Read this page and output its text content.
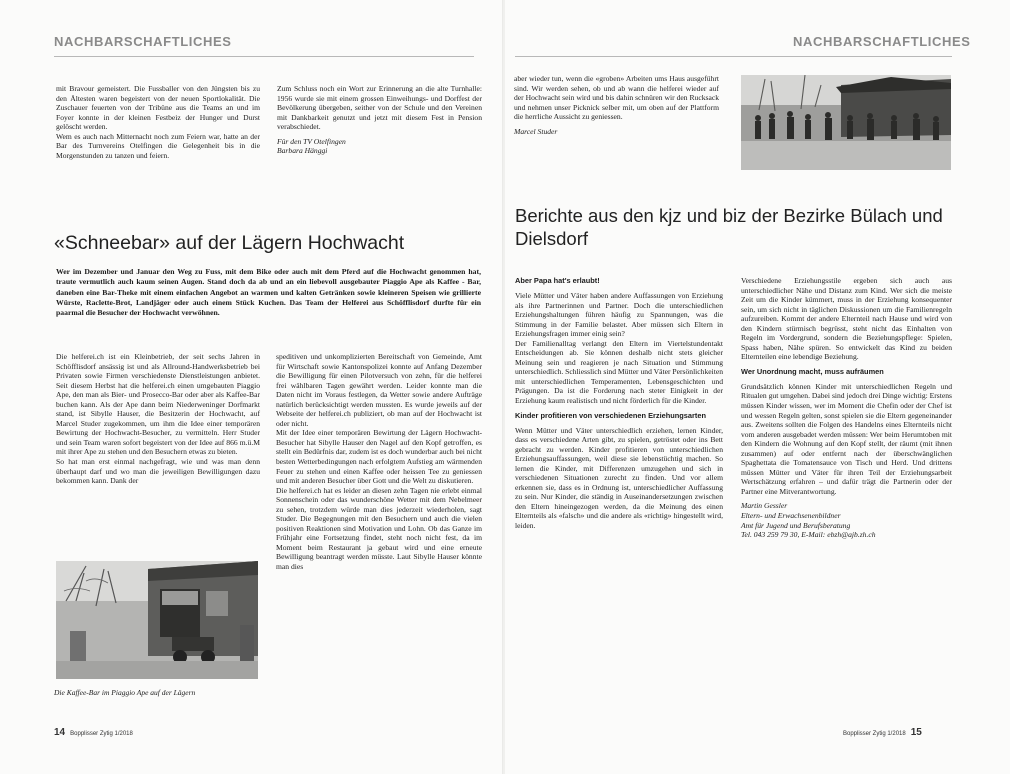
NACHBARSCHAFTLICHES

mit Bravour gemeistert. Die Fussballer von den Jüngsten bis zu den Ältesten waren begeistert von der neuen Sportlokalität. Die Zuschauer feuerten von der Tribüne aus die Teams an und im Foyer konnte in der kleinen Festbeiz der Hunger und Durst gelöscht werden.

Wem es auch nach Mitternacht noch zum Feiern war, hatte an der Bar des Turnvereins Otelfingen die Gelegenheit bis in die Morgenstunden zu tanzen und feiern.

Zum Schluss noch ein Wort zur Erinnerung an die alte Turnhalle: 1956 wurde sie mit einem grossen Einweihungs- und Dorffest der Bevölkerung übergeben, seither von der Schule und den Vereinen mit Dankbarkeit genutzt und jetzt mit diesem Fest in Pension verabschiedet.

Für den TV Otelfingen

Barbara Hänggi

«Schneebar» auf der Lägern Hochwacht
Wer im Dezember und Januar den Weg zu Fuss, mit dem Bike oder auch mit dem Pferd auf die Hochwacht genommen hat, traute vermutlich auch kaum seinen Augen. Stand doch da ab und an ein liebevoll ausgebauter Piaggio Ape als Kaffee - Bar, daneben eine Bar-Theke mit einem einfachen Angebot an warmen und kalten Getränken sowie kleineren Speisen wie grillierte Würste, Raclette-Brot, Landjäger oder auch einem Stück Kuchen. Das Team der Helferei aus Schöfflisdorf durfte für ein paarmal die Besucher der Hochwacht verwöhnen.

Die helferei.ch ist ein Kleinbetrieb, der seit sechs Jahren in Schöfflisdorf ansässig ist und als Allround-Handwerksbetrieb bei Privaten sowie Firmen verschiedenste Dienstleistungen anbietet. Seit diesem Herbst hat die helferei.ch einen umgebauten Piaggio Ape, den man als Bier- und Prosecco-Bar oder aber als Kaffee-Bar buchen kann. Als der Ape dann beim Niederweninger Dorfmarkt stand, ist Sibylle Hauser, die Besitzerin der Hochwacht, auf Marcel Studer zugekommen, um ihm die Idee einer temporären Bewirtung der Hochwacht-Besucher, zu vermitteln. Herr Studer und sein Team waren sofort begeistert von der Idee auf 866 m.ü.M mit ihrer Ape zu stehen und den Besuchern etwas zu bieten.

So hat man erst einmal nachgefragt, wie und was man denn überhaupt darf und wo man die jeweiligen Bewilligungen dazu bekommen kann. Dank der

Die Kaffee-Bar im Piaggio Ape auf der Lägern

speditiven und unkomplizierten Bereitschaft von Gemeinde, Amt für Wirtschaft sowie Kantonspolizei konnte auf Anfang Dezember die Bewilligung für einen Pilotversuch von zehn, für die helferei frei wählbaren Tagen gewährt werden. Leider konnte man die Daten nicht im Voraus festlegen, da Wetter sowie andere Aufträge natürlich berücksichtigt werden mussten. Es wurde jeweils auf der Webseite der helferei.ch publiziert, ob man auf der Hochwacht ist oder nicht.

Mit der Idee einer temporären Bewirtung der Lägern Hochwacht-Besucher hat Sibylle Hauser den Nagel auf den Kopf getroffen, es stellt ein Bedürfnis dar, zudem ist es doch wunderbar auch bei nicht besten Wetterbedingungen nach erfolgtem Aufstieg am wärmenden Feuer zu stehen und einen Kaffee oder heissen Tee zu geniessen und mit anderen Besucher über Gott und die Welt zu diskutieren.

Die helferei.ch hat es leider an diesen zehn Tagen nie erlebt einmal Sonnenschein oder das wunderschöne Wetter mit dem Nebelmeer zu sehen, trotzdem würde man dies jederzeit wiederholen, sagt Studer. Die Begegnungen mit den Besuchern und auch die vielen positiven Reaktionen sind Motivation und Lohn. Ob das Ganze im Frühjahr eine Fortsetzung findet, steht noch nicht fest, da im Moment beim Restaurant ja gebaut wird und eine erneute Bewilligung beantragt werden müsste. Laut Sibylle Hauser könnte man dies

14 Bopplisser Zytig 1/2018
NACHBARSCHAFTLICHES

aber wieder tun, wenn die «groben» Arbeiten ums Haus ausgeführt sind. Wir werden sehen, ob und ab wann die helferei wieder auf der Hochwacht sein wird und bis dahin schnüren wir den Rucksack und nehmen unser Picknick selber mit, um oben auf der Plattform die herrliche Aussicht zu geniessen.

Marcel Studer

Berichte aus den kjz und biz der Bezirke Bülach und Dielsdorf

Aber Papa hat's erlaubt!

Viele Mütter und Väter haben andere Auffassungen von Erziehung als ihre Partnerinnen und Partner. Doch die unterschiedlichen Erziehungshaltungen führen häufig zu Spannungen, was die Stimmung in der Familie belastet. Aber müssen sich Eltern in Erziehungsfragen immer einig sein?

Der Familienalltag verlangt den Eltern im Viertelstundentakt Entscheidungen ab. Sie können deshalb nicht stets gleicher Meinung sein und reagieren je nach Situation und Stimmung unterschiedlich. Schliesslich sind Mütter und Väter Persönlichkeiten mit unterschiedlichen Temperamenten, Lebensgeschichten und Prägungen. Da ist die Forderung nach steter Einigkeit in der Erziehung kaum realistisch und nicht förderlich für die Kinder.

Kinder profitieren von verschiedenen Erziehungsarten

Wenn Mütter und Väter unterschiedlich erziehen, lernen Kinder, dass es verschiedene Arten gibt, zu spielen, getröstet oder ins Bett gebracht zu werden. Kinder profitieren von unterschiedlichen Erziehungsauffassungen, weil diese sie lebenstüchtig machen. So lernen die Kinder, mit Differenzen umzugehen und sich in verschiedenen Situationen zurecht zu finden. Und vor allem erkennen sie, dass es in Ordnung ist, unterschiedlicher Auffassung zu sein. Nur Kinder, die ständig in Auseinandersetzungen zwischen den Eltern hineingezogen werden, da die Meinung des einen Elternteils als «falsch» und die andere als «richtig» hingestellt wird, leiden.

Verschiedene Erziehungsstile ergeben sich auch aus unterschiedlicher Nähe und Distanz zum Kind. Wer sich die meiste Zeit um die Kinder kümmert, muss in der Erziehung konsequenter sein, um sich nicht in täglichen Diskussionen um die Familienregeln aufzureiben. Kommt der andere Elternteil nach Hause und wird von den Kindern stürmisch begrüsst, steht nicht das Einhalten von Regeln im Vordergrund, sondern die Beziehungspflege: Spielen, Spass haben, Nähe spüren. So entwickelt das Kind zu beiden Elternteilen eine lebendige Beziehung.

Wer Unordnung macht, muss aufräumen

Grundsätzlich können Kinder mit unterschiedlichen Regeln und Ritualen gut umgehen. Dabei sind jedoch drei Dinge wichtig: Erstens müssen Kinder wissen, wer im Moment die Chefin oder der Chef ist und wessen Regeln gelten, sonst spielen sie die Eltern gegeneinander aus. Zweitens sollten die Folgen des Handelns eines Elternteils nicht vom anderen ausgebadet werden müssen: Wer beim Herumtoben mit den Kindern die Wohnung auf den Kopf stellt, der räumt (mit ihnen zusammen) auf oder entfernt nach der überschwänglichen Spaghettata die Tomatensauce von Tisch und Herd. Und drittens müssen Mütter und Väter für ihren Teil der Erziehungsarbeit Wertschätzung erfahren – und dafür trägt die Partnerin oder der Partner eine Mitverantwortung.

Martin Gessler

Eltern- und Erwachsenenbildner

Amt für Jugend und Berufsberatung

Tel. 043 259 79 30, E-Mail: ebzh@ajb.zh.ch

Bopplisser Zytig 1/2018 15
